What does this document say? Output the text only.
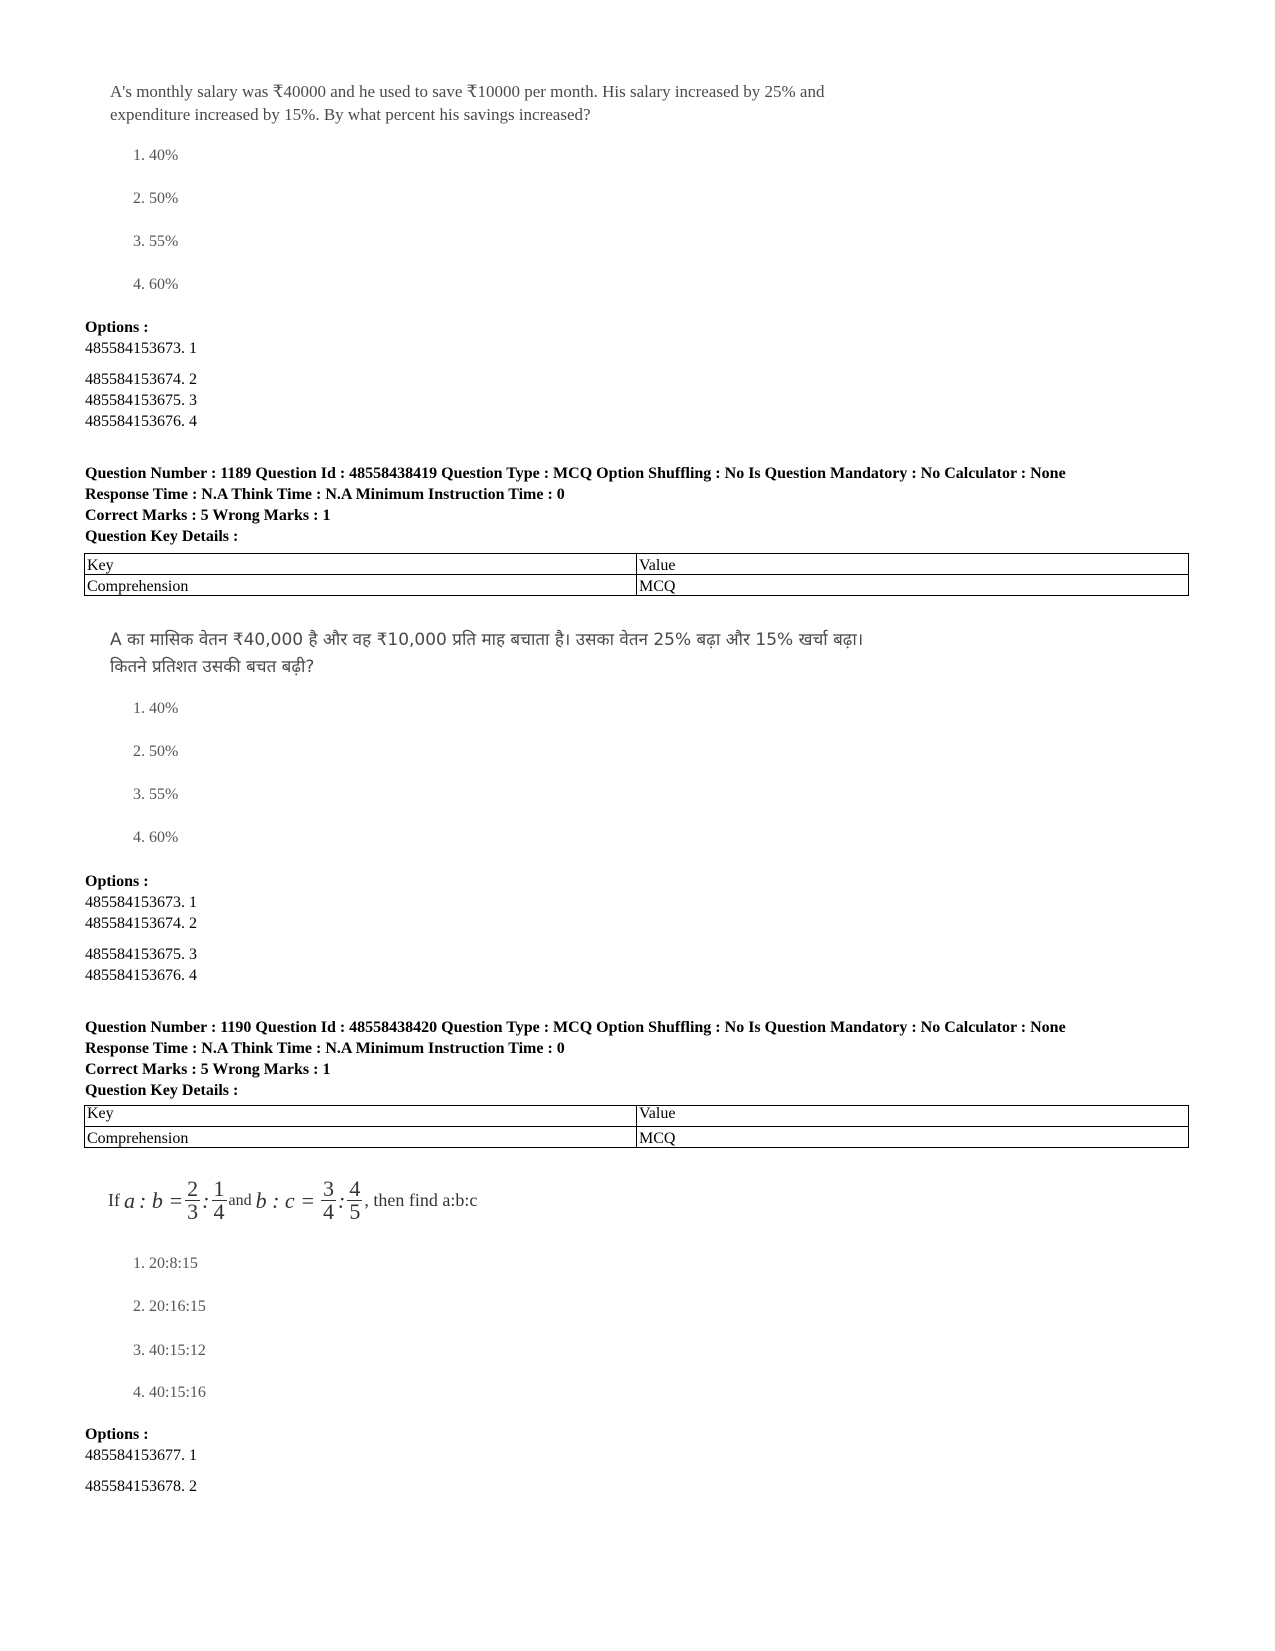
A's monthly salary was ₹40000 and he used to save ₹10000 per month. His salary increased by 25% and
expenditure increased by 15%. By what percent his savings increased?
1. 40%
2. 50%
3. 55%
4. 60%
Options :
485584153673. 1
485584153674. 2
485584153675. 3
485584153676. 4
Question Number : 1189 Question Id : 48558438419 Question Type : MCQ Option Shuffling : No Is Question Mandatory : No Calculator : None
Response Time : N.A Think Time : N.A Minimum Instruction Time : 0
Correct Marks : 5 Wrong Marks : 1
Question Key Details :
Key	Value
Comprehension	MCQ
A का मासिक वेतन ₹40,000 है और वह ₹10,000 प्रति माह बचाता है। उसका वेतन 25% बढ़ा और 15% खर्चा बढ़ा।
कितने प्रतिशत उसकी बचत बढ़ी?
1. 40%
2. 50%
3. 55%
4. 60%
Options :
485584153673. 1
485584153674. 2
485584153675. 3
485584153676. 4
Question Number : 1190 Question Id : 48558438420 Question Type : MCQ Option Shuffling : No Is Question Mandatory : No Calculator : None
Response Time : N.A Think Time : N.A Minimum Instruction Time : 0
Correct Marks : 5 Wrong Marks : 1
Question Key Details :
Key	Value
Comprehension	MCQ
If
a
: $b = \frac{2}{3}$ : $\frac{1}{4}$ and
b : c =
$\frac{3}{4}$ : $\frac{4}{5}$ , then find a:b:c
1. 20:8:15
2. 20:16:15
3. 40:15:12
4. 40:15:16
Options :
485584153677. 1
485584153678. 2
